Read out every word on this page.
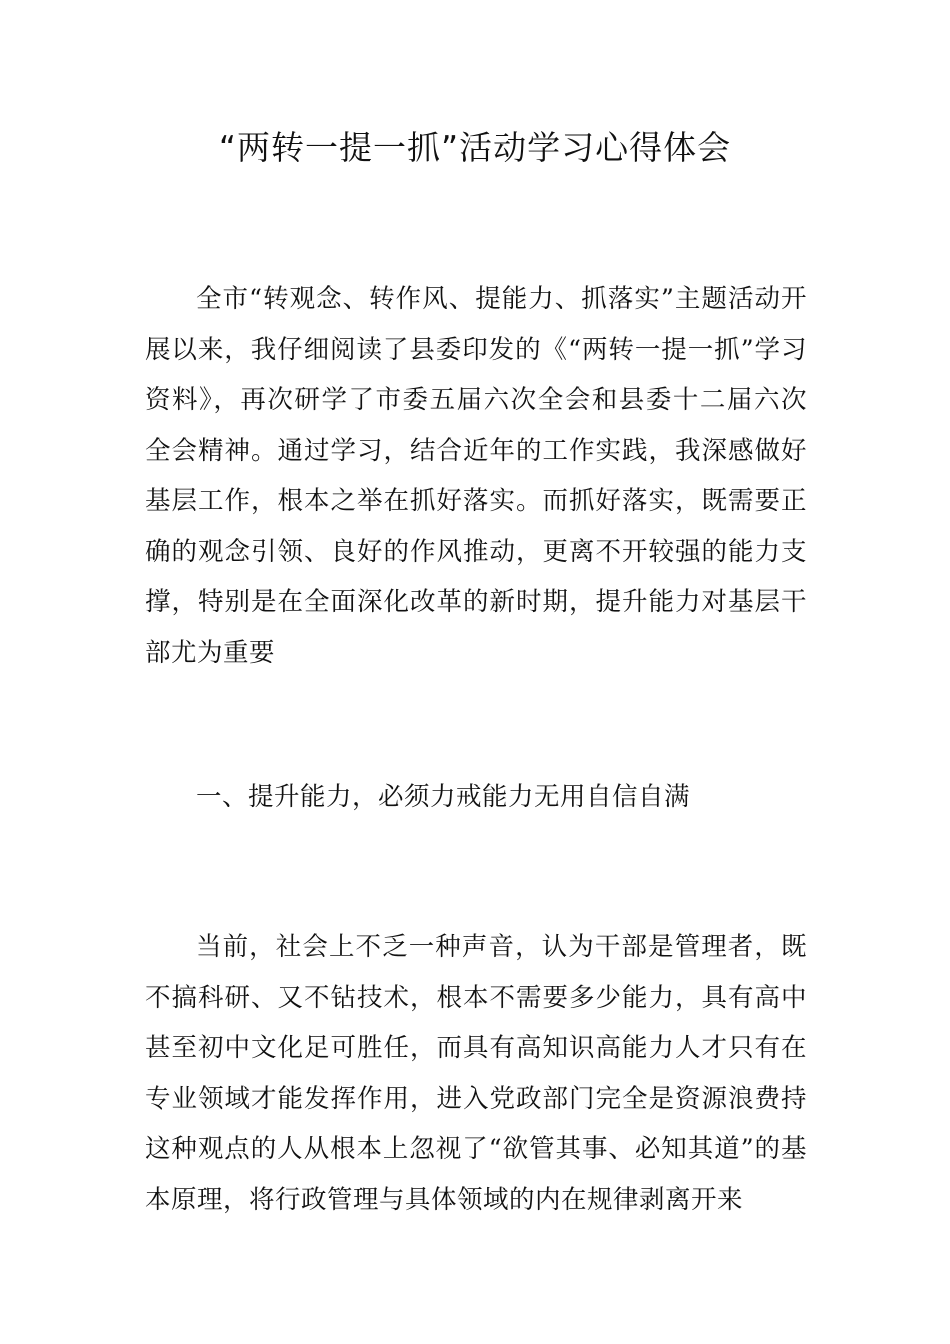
“两转一提一抓”活动学习心得体会

全市“转观念、转作风、提能力、抓落实”主题活动开展以来，我仔细阅读了县委印发的《“两转一提一抓”学习资料》，再次研学了市委五届六次全会和县委十二届六次全会精神。通过学习，结合近年的工作实践，我深感做好基层工作，根本之举在抓好落实。而抓好落实，既需要正确的观念引领、良好的作风推动，更离不开较强的能力支撑，特别是在全面深化改革的新时期，提升能力对基层干部尤为重要

一、提升能力，必须力戒能力无用自信自满

当前，社会上不乏一种声音，认为干部是管理者，既不搞科研、又不钻技术，根本不需要多少能力，具有高中甚至初中文化足可胜任，而具有高知识高能力人才只有在专业领域才能发挥作用，进入党政部门完全是资源浪费持这种观点的人从根本上忽视了“欲管其事、必知其道”的基本原理，将行政管理与具体领域的内在规律剥离开来
